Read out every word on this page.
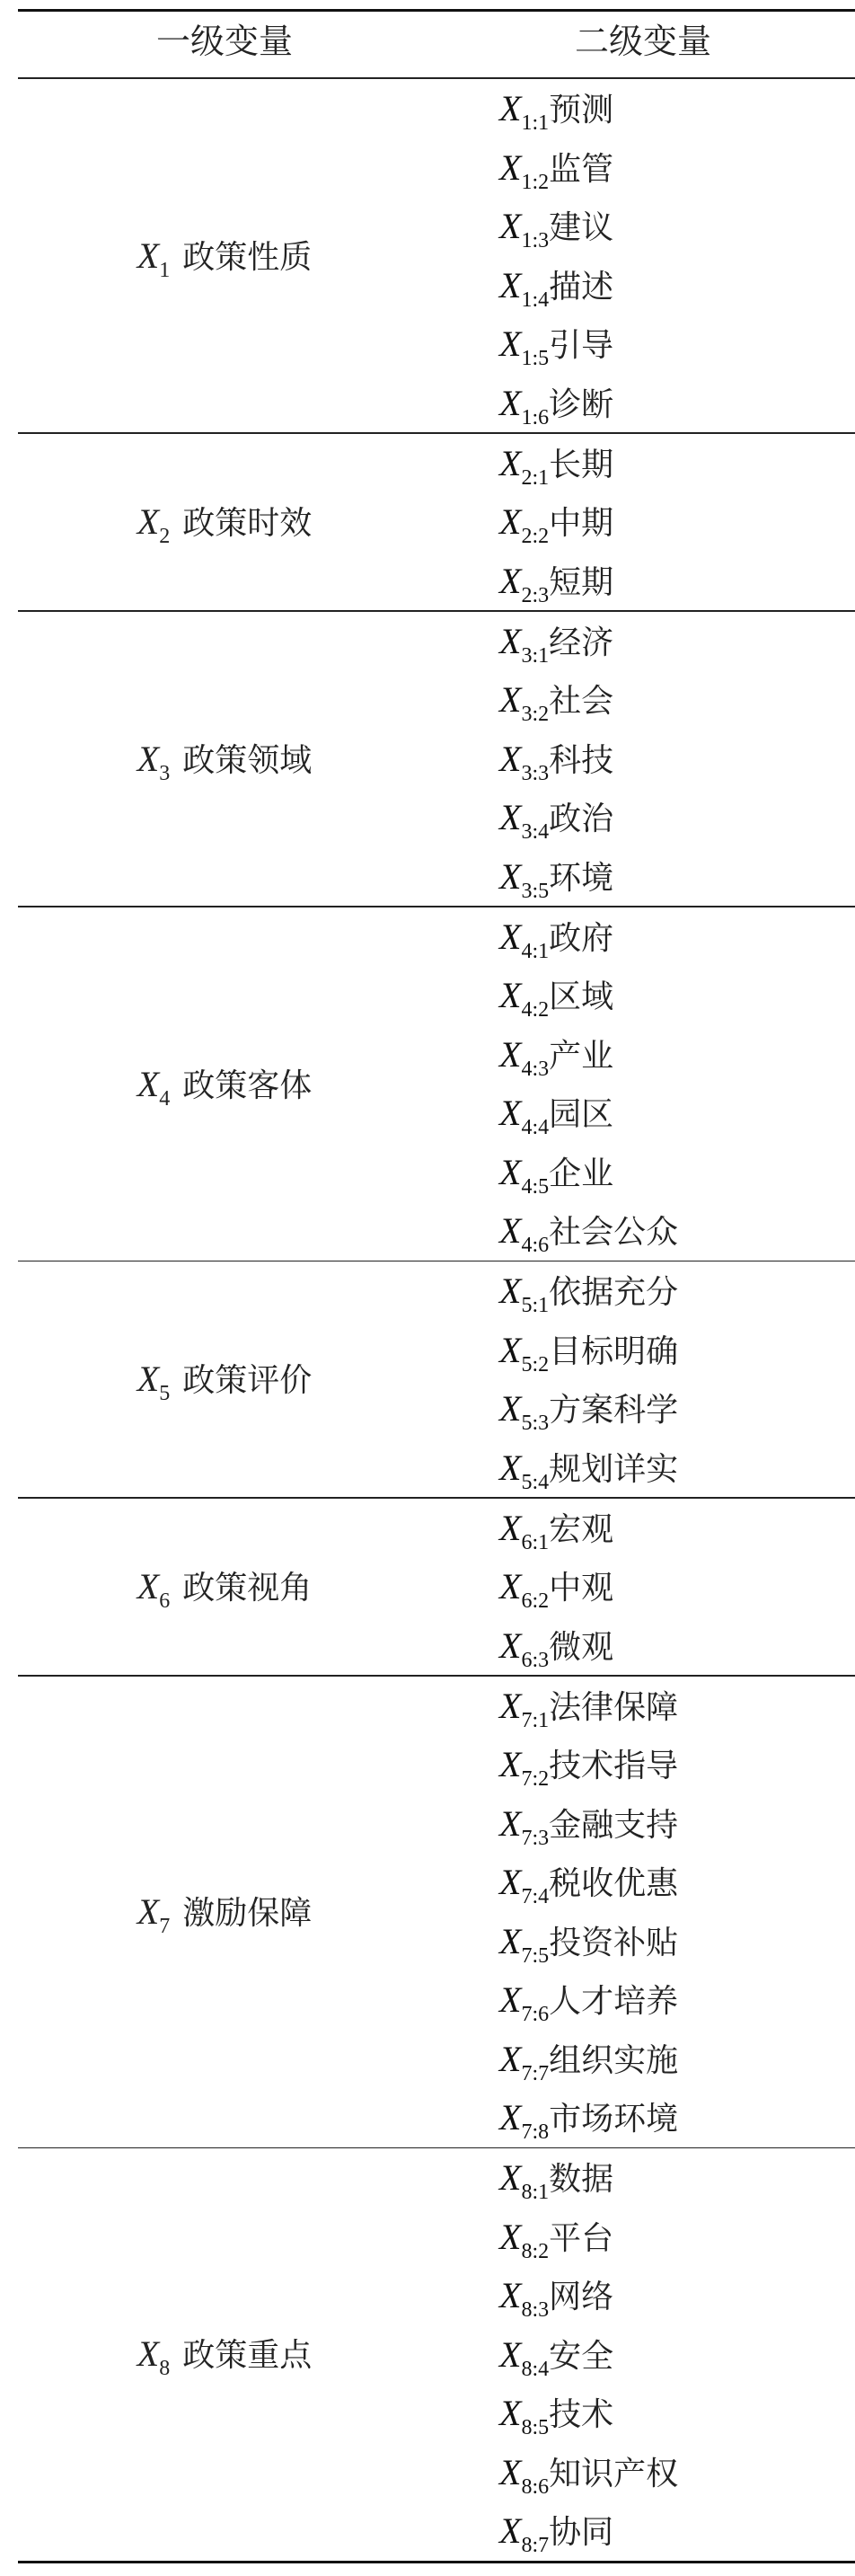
一级变量	二级变量
$X_1$ 政策性质
X1:1预测
X1:2监管
X1:3建议
X1:4描述
X1:5引导
X1:6诊断
$X_2$ 政策时效
X2:1长期
X2:2中期
X2:3短期
$X_3$ 政策领域
X3:1经济
X3:2社会
X3:3科技
X3:4政治
X3:5环境
$X_4$ 政策客体
X4:1政府
X4:2区域
X4:3产业
X4:4园区
X4:5企业
X4:6社会公众
$X_5$ 政策评价
X5:1依据充分
X5:2目标明确
X5:3方案科学
X5:4规划详实
$X_6$ 政策视角
X6:1宏观
X6:2中观
X6:3微观
$X_7$ 激励保障
X7:1法律保障
X7:2技术指导
X7:3金融支持
X7:4税收优惠
X7:5投资补贴
X7:6人才培养
X7:7组织实施
X7:8市场环境
$X_8$ 政策重点
X8:1数据
X8:2平台
X8:3网络
X8:4安全
X8:5技术
X8:6知识产权
X8:7协同
